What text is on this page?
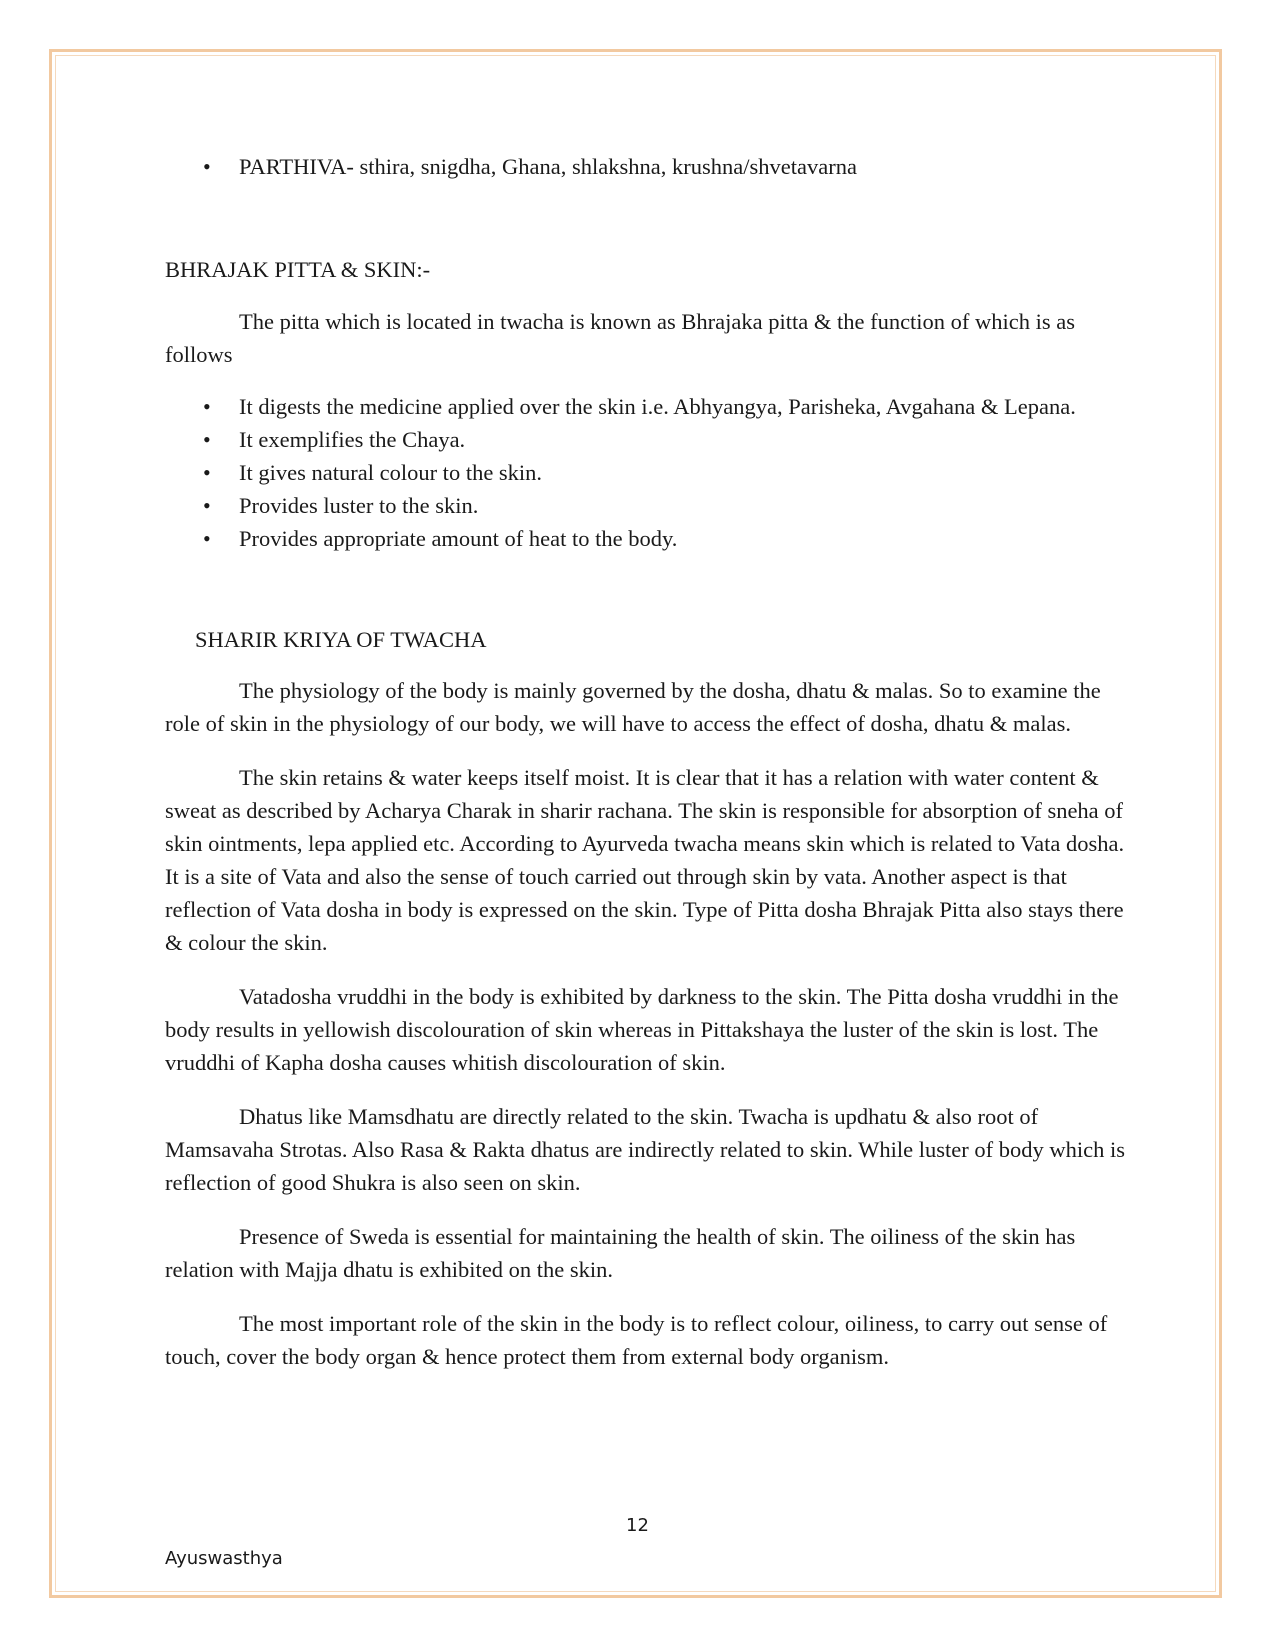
• PARTHIVA- sthira, snigdha, Ghana, shlakshna, krushna/shvetavarna
BHRAJAK PITTA & SKIN:-

The pitta which is located in twacha is known as Bhrajaka pitta & the function of which is as follows

• It digests the medicine applied over the skin i.e. Abhyangya, Parisheka, Avgahana & Lepana.
• It exemplifies the Chaya.
• It gives natural colour to the skin.
• Provides luster to the skin.
• Provides appropriate amount of heat to the body.
SHARIR KRIYA OF TWACHA

The physiology of the body is mainly governed by the dosha, dhatu & malas. So to examine the role of skin in the physiology of our body, we will have to access the effect of dosha, dhatu & malas.

The skin retains & water keeps itself moist. It is clear that it has a relation with water content & sweat as described by Acharya Charak in sharir rachana. The skin is responsible for absorption of sneha of skin ointments, lepa applied etc. According to Ayurveda twacha means skin which is related to Vata dosha. It is a site of Vata and also the sense of touch carried out through skin by vata. Another aspect is that reflection of Vata dosha in body is expressed on the skin. Type of Pitta dosha Bhrajak Pitta also stays there & colour the skin.

Vatadosha vruddhi in the body is exhibited by darkness to the skin. The Pitta dosha vruddhi in the body results in yellowish discolouration of skin whereas in Pittakshaya the luster of the skin is lost. The vruddhi of Kapha dosha causes whitish discolouration of skin.

Dhatus like Mamsdhatu are directly related to the skin. Twacha is updhatu & also root of Mamsavaha Strotas. Also Rasa & Rakta dhatus are indirectly related to skin. While luster of body which is reflection of good Shukra is also seen on skin.

Presence of Sweda is essential for maintaining the health of skin. The oiliness of the skin has relation with Majja dhatu is exhibited on the skin.

The most important role of the skin in the body is to reflect colour, oiliness, to carry out sense of touch, cover the body organ & hence protect them from external body organism.

12
Ayuswasthya
